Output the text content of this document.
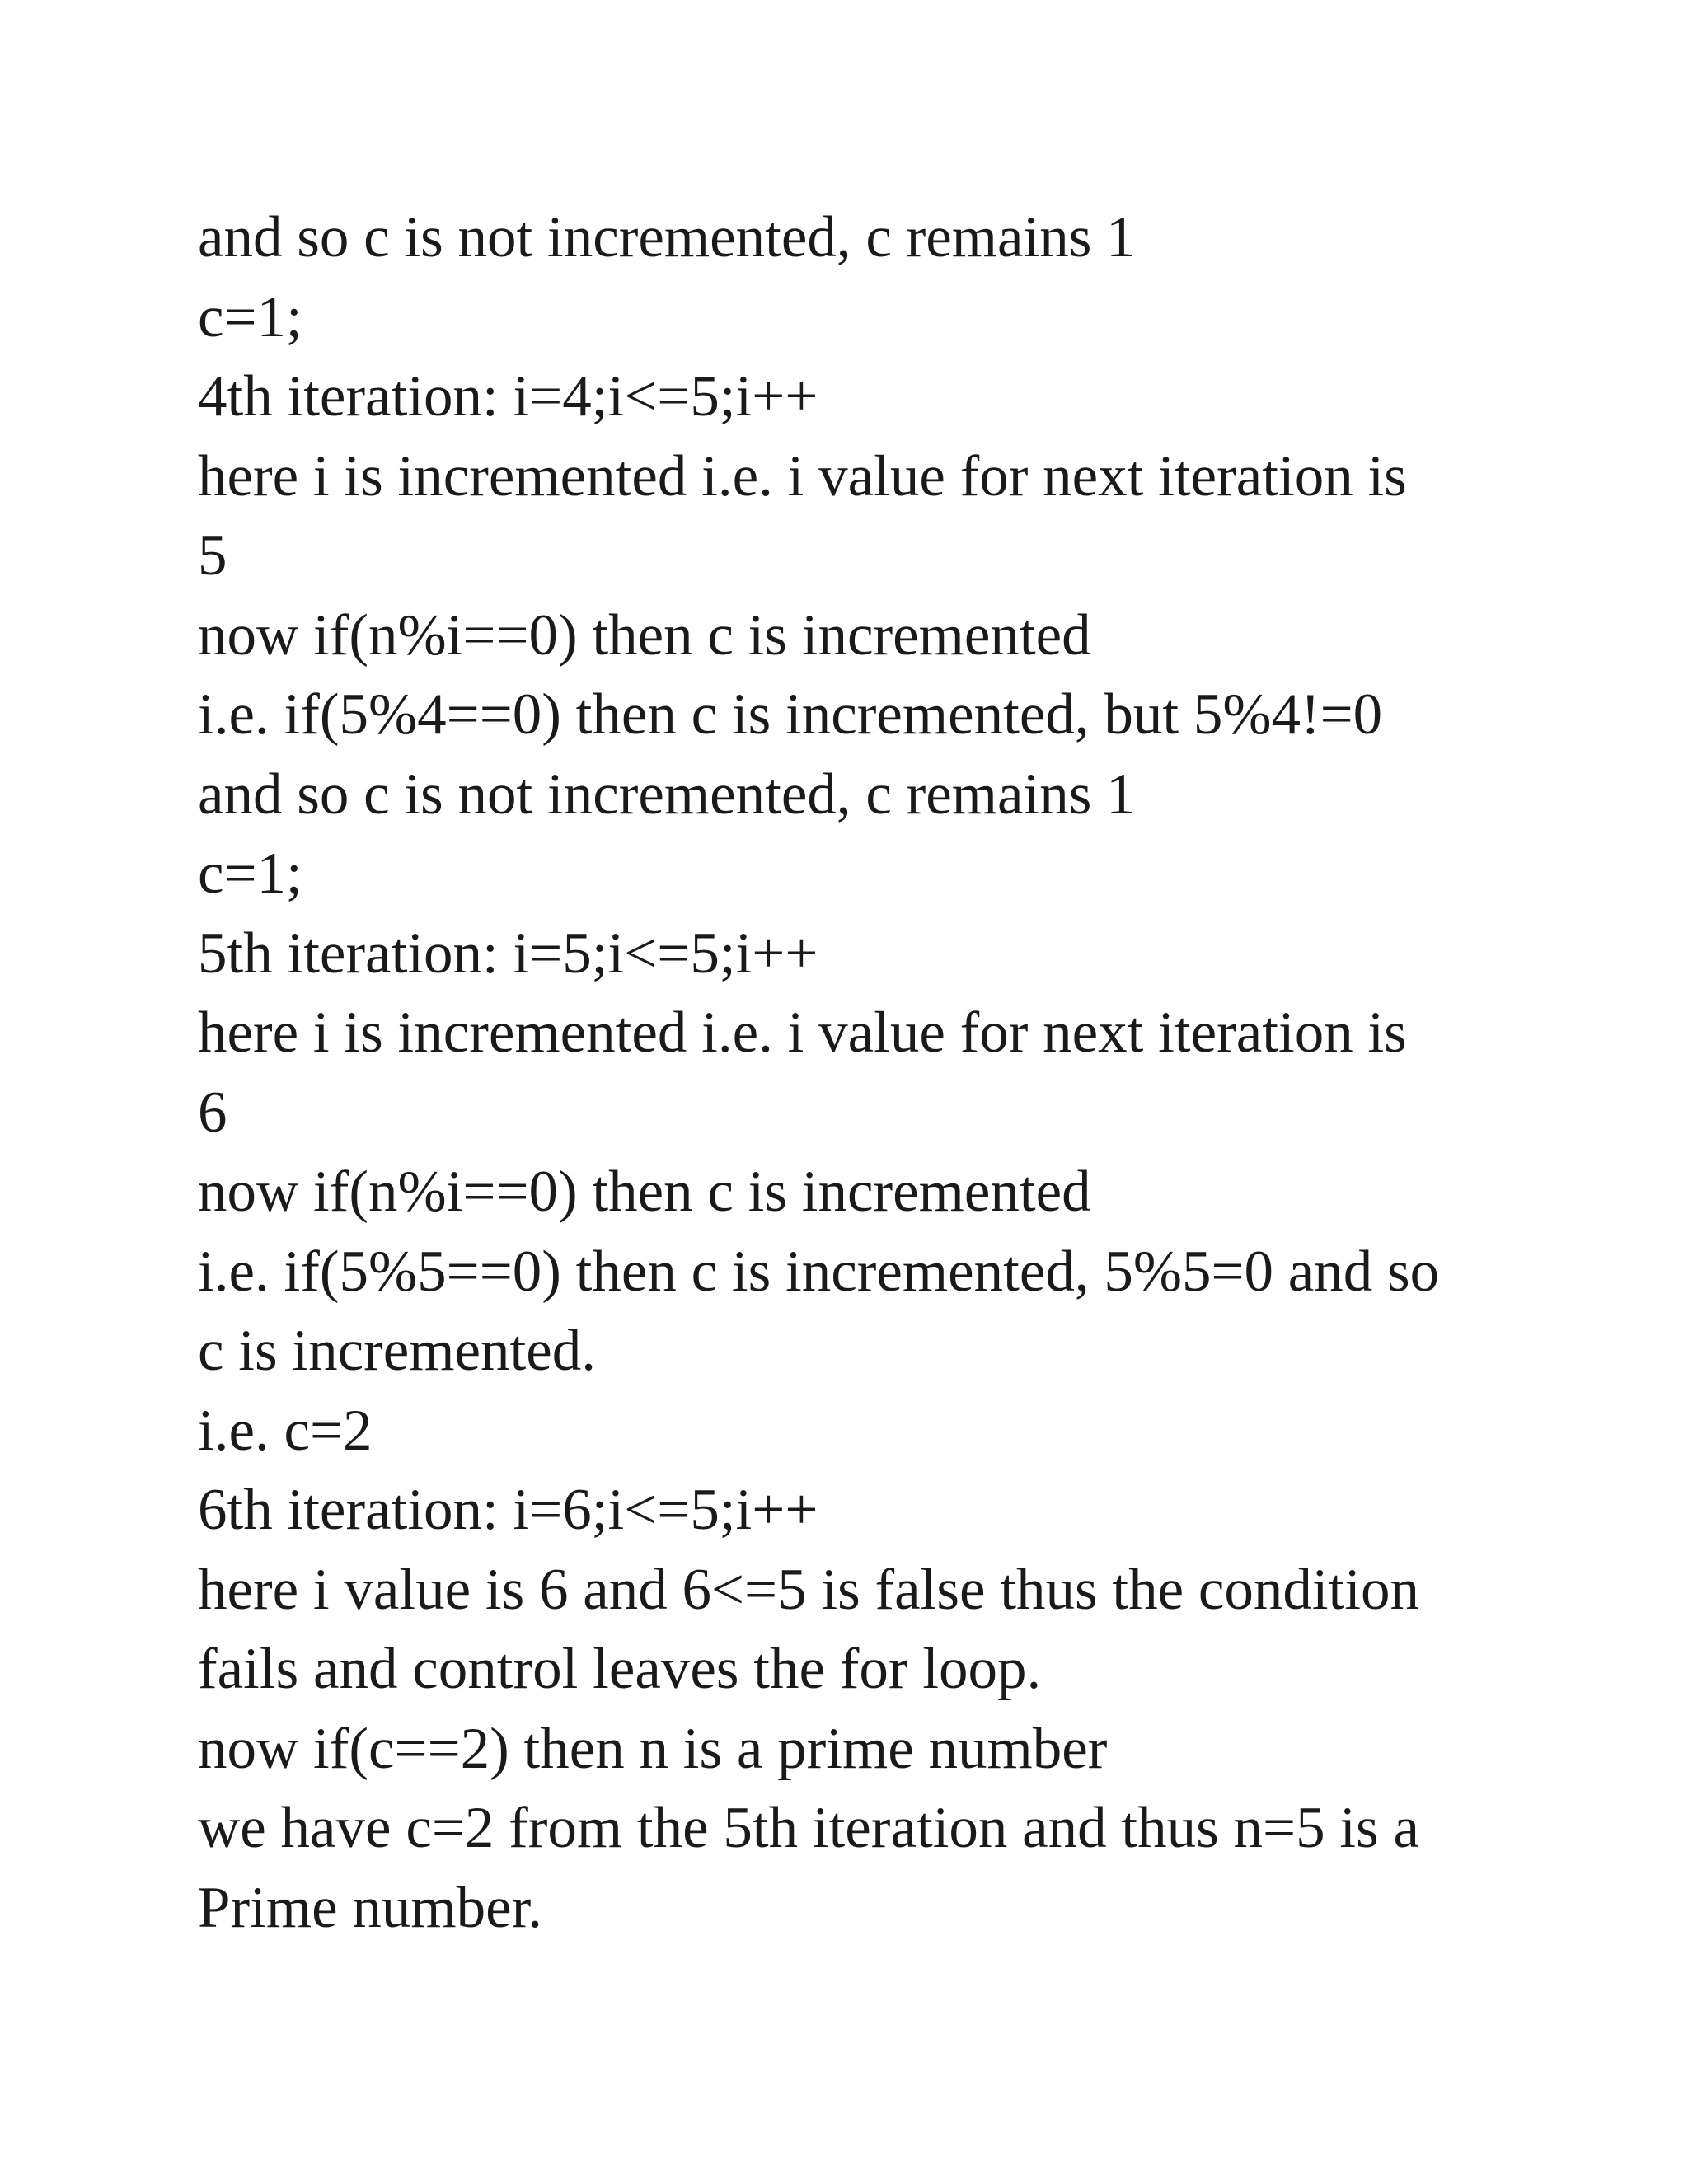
and so c is not incremented, c remains 1
c=1;
4th iteration: i=4;i<=5;i++
here i is incremented i.e. i value for next iteration is
5
now if(n%i==0) then c is incremented
i.e. if(5%4==0) then c is incremented, but 5%4!=0
and so c is not incremented, c remains 1
c=1;
5th iteration: i=5;i<=5;i++
here i is incremented i.e. i value for next iteration is
6
now if(n%i==0) then c is incremented
i.e. if(5%5==0) then c is incremented, 5%5=0 and so
c is incremented.
i.e. c=2
6th iteration: i=6;i<=5;i++
here i value is 6 and 6<=5 is false thus the condition
fails and control leaves the for loop.
now if(c==2) then n is a prime number
we have c=2 from the 5th iteration and thus n=5 is a
Prime number.
